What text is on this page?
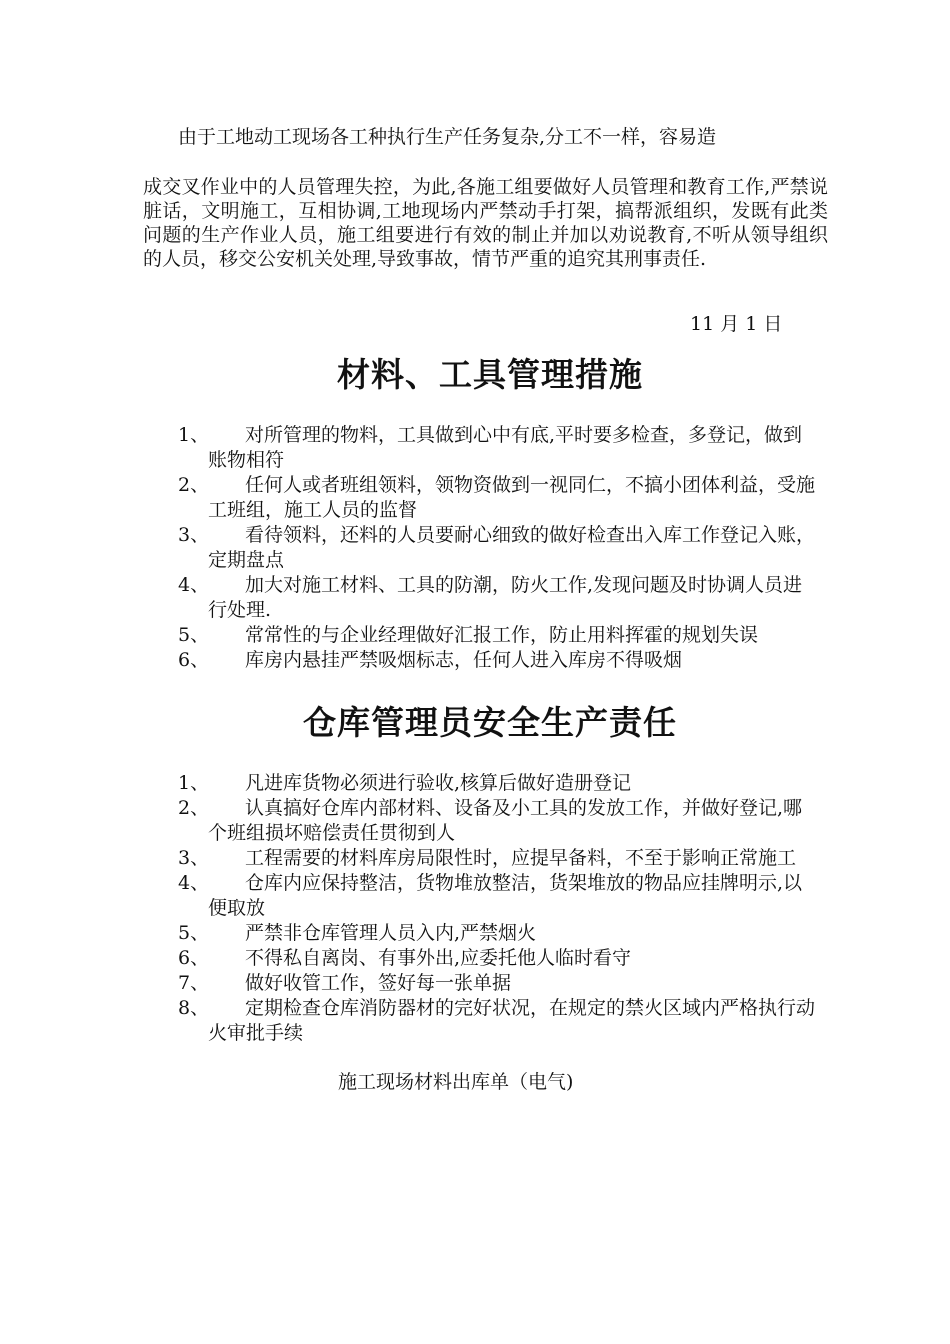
由于工地动工现场各工种执行生产任务复杂,分工不一样，容易造
成交叉作业中的人员管理失控，为此,各施工组要做好人员管理和教育工作,严禁说脏话，文明施工，互相协调,工地现场内严禁动手打架，搞帮派组织，发既有此类问题的生产作业人员，施工组要进行有效的制止并加以劝说教育,不听从领导组织的人员，移交公安机关处理,导致事故，情节严重的追究其刑事责任.
11 月 1 日
材料、工具管理措施
1、	对所管理的物料，工具做到心中有底,平时要多检查，多登记，做到账物相符
2、	任何人或者班组领料，领物资做到一视同仁，不搞小团体利益，受施工班组，施工人员的监督
3、	看待领料，还料的人员要耐心细致的做好检查出入库工作登记入账，定期盘点
4、	加大对施工材料、工具的防潮，防火工作,发现问题及时协调人员进行处理.
5、	常常性的与企业经理做好汇报工作，防止用料挥霍的规划失误
6、	库房内悬挂严禁吸烟标志，任何人进入库房不得吸烟
仓库管理员安全生产责任
1、	凡进库货物必须进行验收,核算后做好造册登记
2、	认真搞好仓库内部材料、设备及小工具的发放工作，并做好登记,哪个班组损坏赔偿责任贯彻到人
3、	工程需要的材料库房局限性时，应提早备料，不至于影响正常施工
4、	仓库内应保持整洁，货物堆放整洁，货架堆放的物品应挂牌明示,以便取放
5、	严禁非仓库管理人员入内,严禁烟火
6、	不得私自离岗、有事外出,应委托他人临时看守
7、	做好收管工作，签好每一张单据
8、	定期检查仓库消防器材的完好状况，在规定的禁火区域内严格执行动火审批手续
施工现场材料出库单（电气)
